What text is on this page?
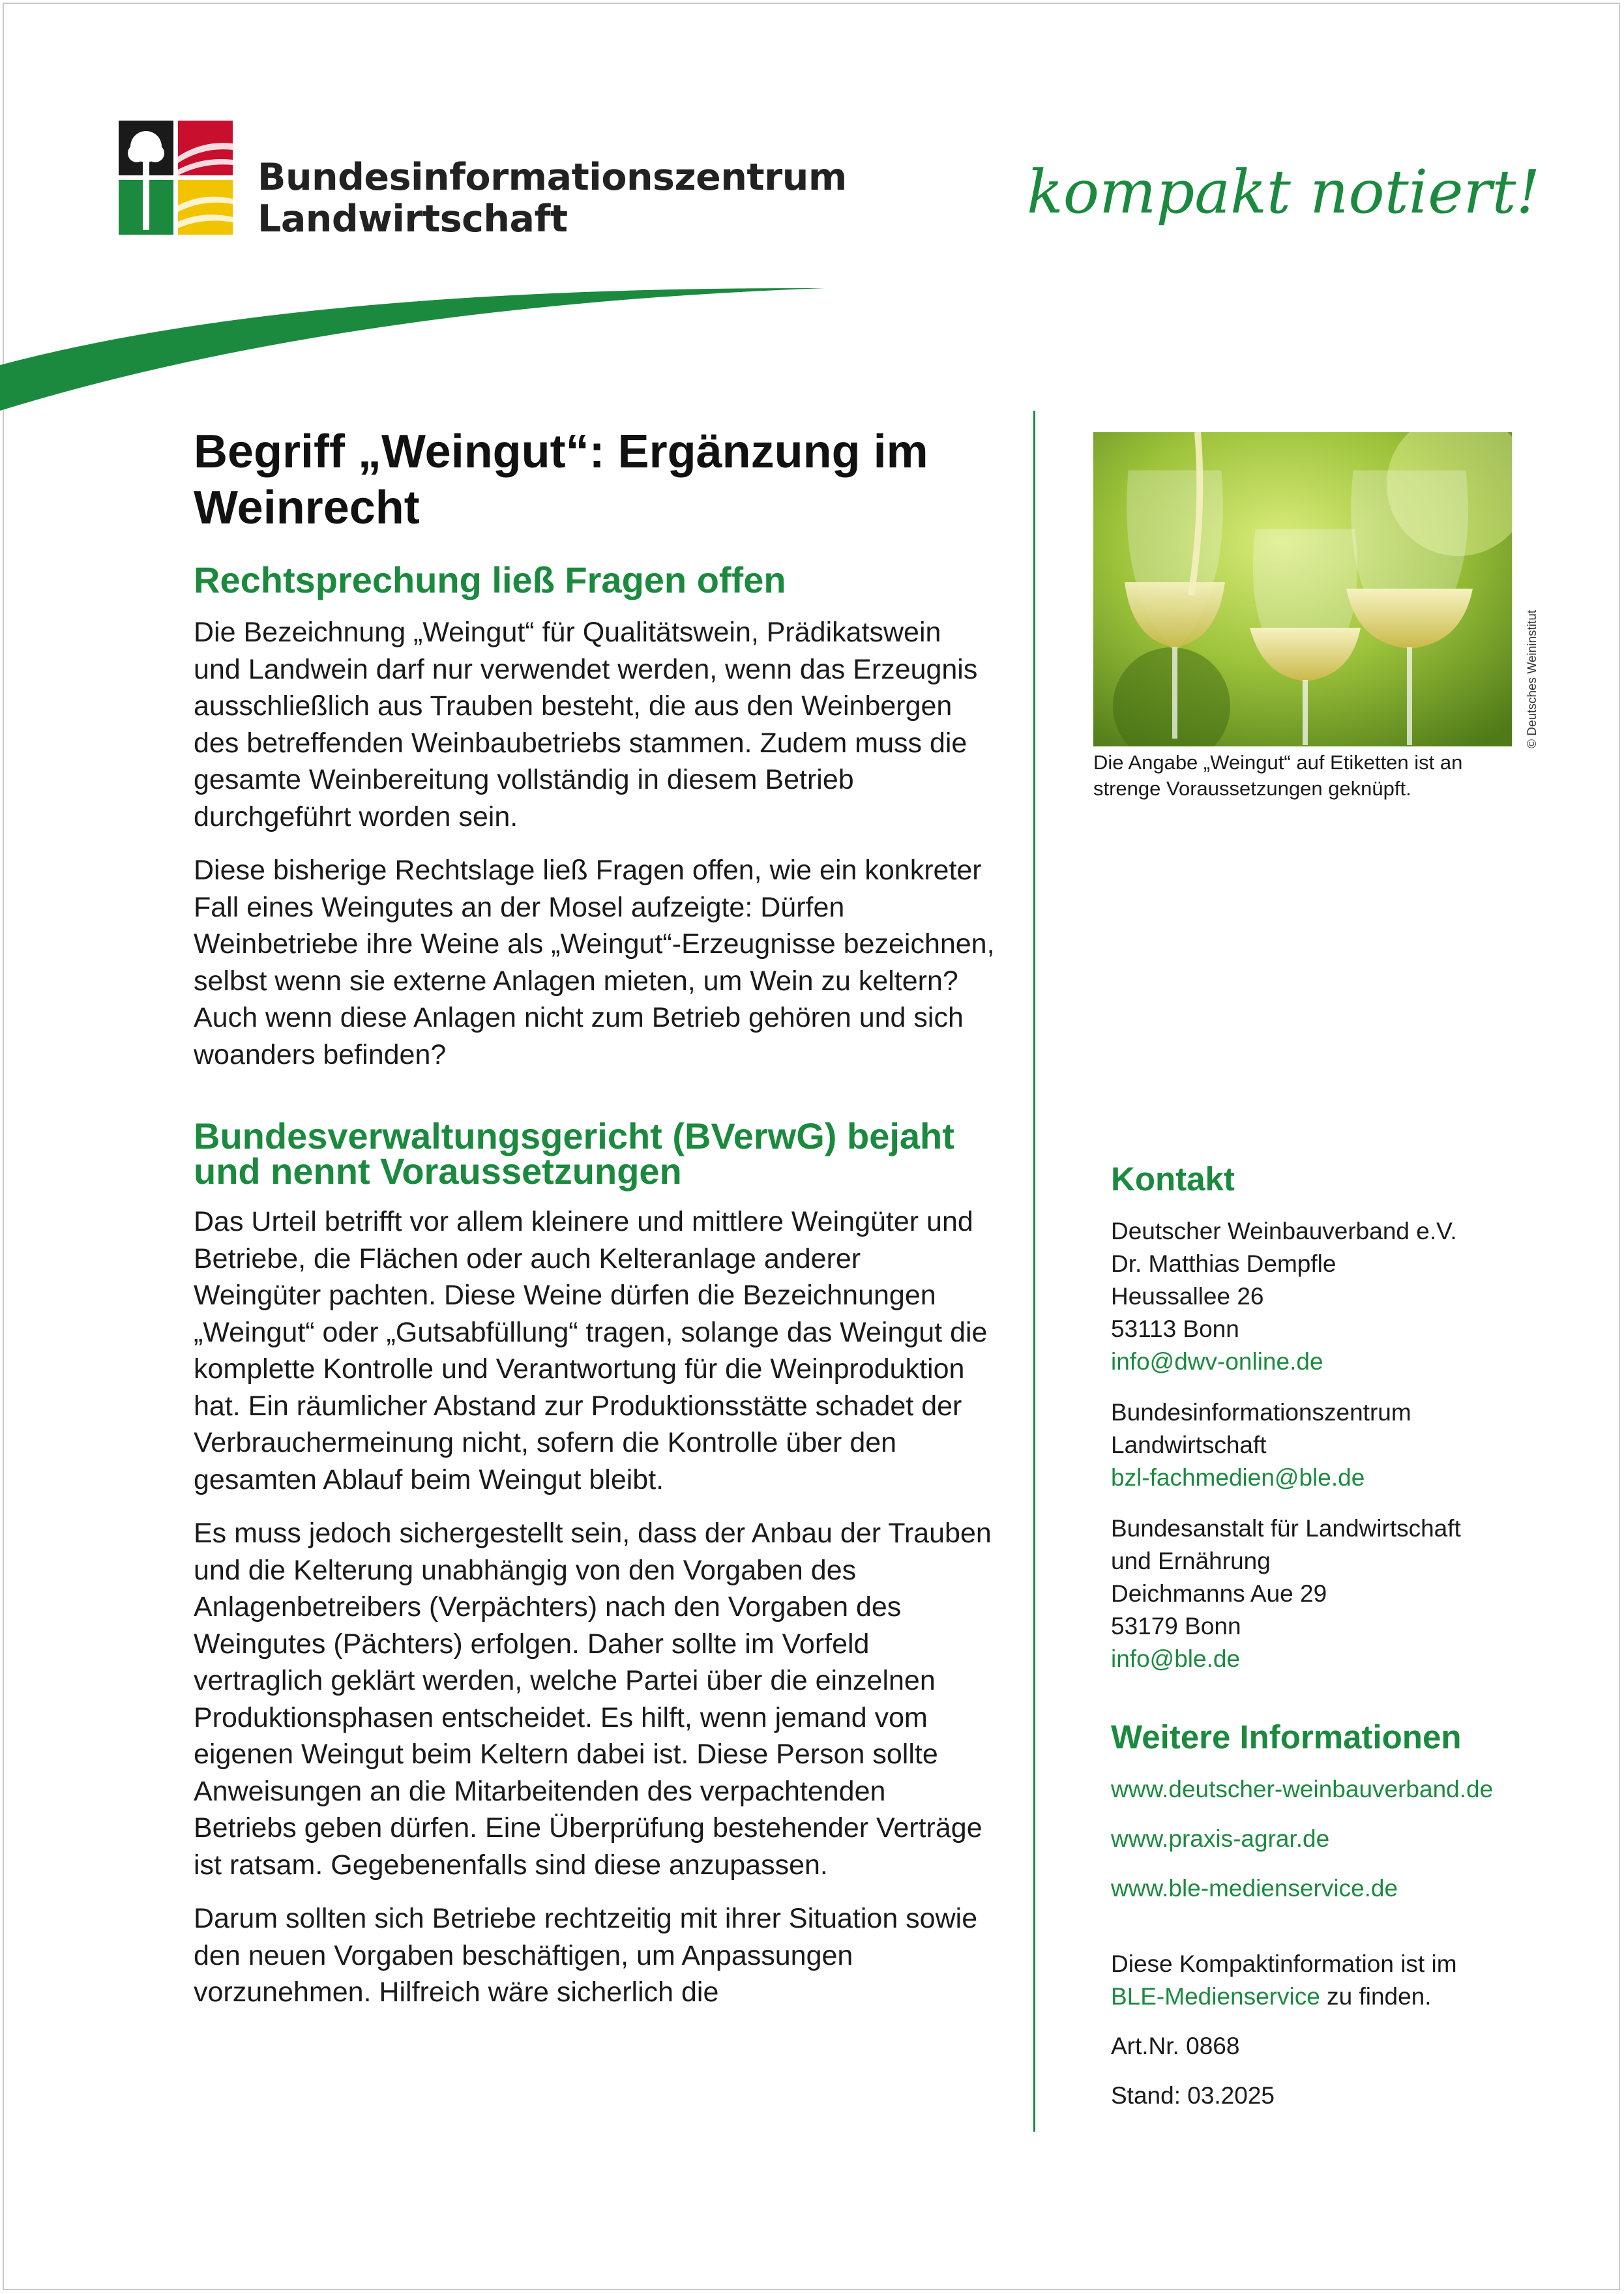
Bundesinformationszentrum
Landwirtschaft	kompakt notiert!
Begriff „Weingut“: Ergänzung im Weinrecht
Rechtsprechung ließ Fragen offen

Die Bezeichnung „Weingut“ für Qualitätswein, Prädikatswein und Landwein darf nur verwendet werden, wenn das Erzeugnis ausschließlich aus Trauben besteht, die aus den Weinbergen des betreffenden Weinbaubetriebs stammen. Zudem muss die gesamte Weinbereitung vollständig in diesem Betrieb durchgeführt worden sein.

Diese bisherige Rechtslage ließ Fragen offen, wie ein konkreter Fall eines Weingutes an der Mosel aufzeigte: Dürfen Weinbetriebe ihre Weine als „Weingut“-Erzeugnisse bezeichnen, selbst wenn sie externe Anlagen mieten, um Wein zu keltern? Auch wenn diese Anlagen nicht zum Betrieb gehören und sich woanders befinden?

Bundesverwaltungsgericht (BVerwG) bejaht und nennt Voraussetzungen

Das Urteil betrifft vor allem kleinere und mittlere Weingüter und Betriebe, die Flächen oder auch Kelteranlage anderer Weingüter pachten. Diese Weine dürfen die Bezeichnungen „Weingut“ oder „Gutsabfüllung“ tragen, solange das Weingut die komplette Kontrolle und Verantwortung für die Weinproduktion hat. Ein räumlicher Abstand zur Produktionsstätte schadet der Verbrauchermeinung nicht, sofern die Kontrolle über den gesamten Ablauf beim Weingut bleibt.

Es muss jedoch sichergestellt sein, dass der Anbau der Trauben und die Kelterung unabhängig von den Vorgaben des Anlagenbetreibers (Verpächters) nach den Vorgaben des Weingutes (Pächters) erfolgen. Daher sollte im Vorfeld vertraglich geklärt werden, welche Partei über die einzelnen Produktionsphasen entscheidet. Es hilft, wenn jemand vom eigenen Weingut beim Keltern dabei ist. Diese Person sollte Anweisungen an die Mitarbeitenden des verpachtenden Betriebs geben dürfen. Eine Überprüfung bestehender Verträge ist ratsam. Gegebenenfalls sind diese anzupassen.

Darum sollten sich Betriebe rechtzeitig mit ihrer Situation sowie den neuen Vorgaben beschäftigen, um Anpassungen vorzunehmen. Hilfreich wäre sicherlich die

© Deutsches Weininstitut
Die Angabe „Weingut“ auf Etiketten ist an strenge Voraussetzungen geknüpft.
Kontakt
Deutscher Weinbauverband e.V.
Dr. Matthias Dempfle
Heussallee 26
53113 Bonn
info@dwv-online.de
Bundesinformationszentrum
Landwirtschaft
bzl-fachmedien@ble.de
Bundesanstalt für Landwirtschaft
und Ernährung
Deichmanns Aue 29
53179 Bonn
info@ble.de
Weitere Informationen
www.deutscher-weinbauverband.de
www.praxis-agrar.de
www.ble-medienservice.de
Diese Kompaktinformation ist im
BLE-Medienservice zu finden.
Art.Nr. 0868
Stand: 03.2025
